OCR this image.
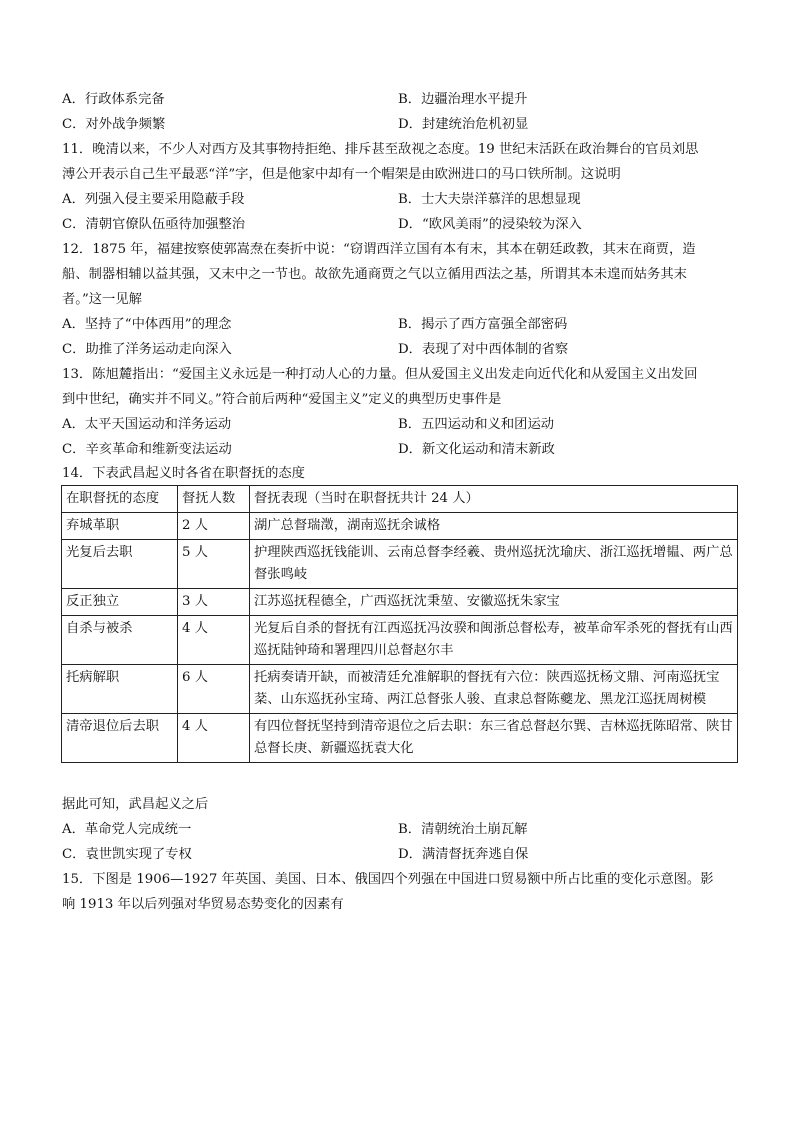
A．行政体系完备	B．边疆治理水平提升
C．对外战争频繁	D．封建统治危机初显
11．晚清以来，不少人对西方及其事物持拒绝、排斥甚至敌视之态度。19 世纪末活跃在政治舞台的官员刘思
溥公开表示自己生平最恶“洋”字，但是他家中却有一个帽架是由欧洲进口的马口铁所制。这说明
A．列强入侵主要采用隐蔽手段	B．士大夫崇洋慕洋的思想显现
C．清朝官僚队伍亟待加强整治	D．“欧风美雨”的浸染较为深入
12．1875 年，福建按察使郭嵩焘在奏折中说：“窃谓西洋立国有本有末，其本在朝廷政教，其末在商贾，造
船、制器相辅以益其强，又末中之一节也。故欲先通商贾之气以立循用西法之基，所谓其本未遑而姑务其末
者。”这一见解
A．坚持了“中体西用”的理念	B．揭示了西方富强全部密码
C．助推了洋务运动走向深入	D．表现了对中西体制的省察
13．陈旭麓指出：“爱国主义永远是一种打动人心的力量。但从爱国主义出发走向近代化和从爱国主义出发回
到中世纪，确实并不同义。”符合前后两种“爱国主义”定义的典型历史事件是
A．太平天国运动和洋务运动	B．五四运动和义和团运动
C．辛亥革命和维新变法运动	D．新文化运动和清末新政
14．下表武昌起义时各省在职督抚的态度
在职督抚的态度	督抚人数	督抚表现（当时在职督抚共计 24 人）
弃城革职	2 人	湖广总督瑞澂，湖南巡抚余诚格
光复后去职	5 人	护理陕西巡抚钱能训、云南总督李经羲、贵州巡抚沈瑜庆、浙江巡抚增韫、两广总督张鸣岐
反正独立	3 人	江苏巡抚程德全，广西巡抚沈秉堃、安徽巡抚朱家宝
自杀与被杀	4 人	光复后自杀的督抚有江西巡抚冯汝骙和闽浙总督松寿，被革命军杀死的督抚有山西巡抚陆钟琦和署理四川总督赵尔丰
托病解职	6 人	托病奏请开缺，而被清廷允准解职的督抚有六位：陕西巡抚杨文鼎、河南巡抚宝棻、山东巡抚孙宝琦、两江总督张人骏、直隶总督陈夔龙、黑龙江巡抚周树模
清帝退位后去职	4 人	有四位督抚坚持到清帝退位之后去职：东三省总督赵尔巽、吉林巡抚陈昭常、陕甘总督长庚、新疆巡抚袁大化
据此可知，武昌起义之后
A．革命党人完成统一	B．清朝统治土崩瓦解
C．袁世凯实现了专权	D．满清督抚奔逃自保
15．下图是 1906—1927 年英国、美国、日本、俄国四个列强在中国进口贸易额中所占比重的变化示意图。影
响 1913 年以后列强对华贸易态势变化的因素有
